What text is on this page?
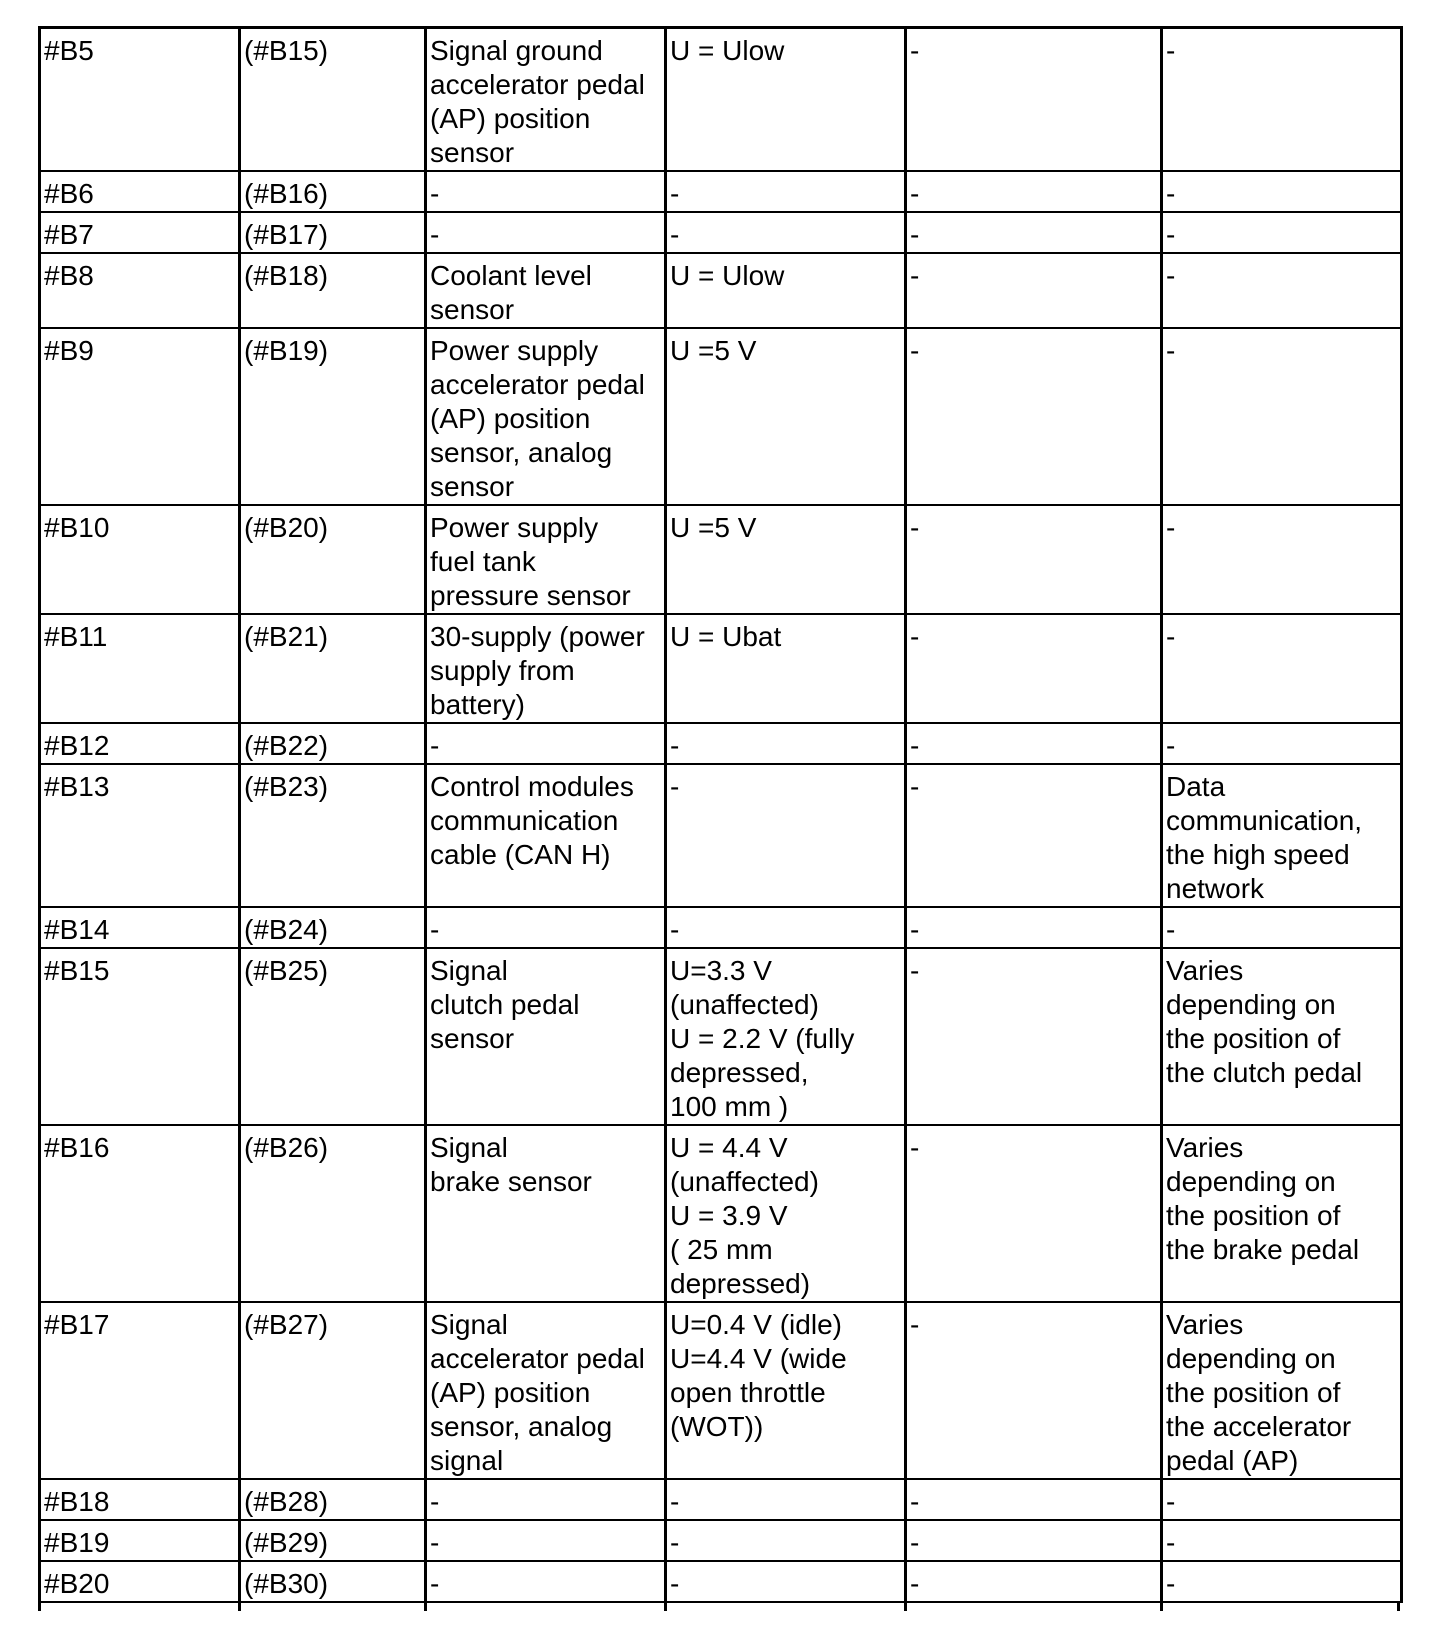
#B5	(#B15)	Signal ground
accelerator pedal
(AP) position
sensor	U = Ulow	-	-
#B6	(#B16)	-	-	-	-
#B7	(#B17)	-	-	-	-
#B8	(#B18)	Coolant level
sensor	U = Ulow	-	-
#B9	(#B19)	Power supply
accelerator pedal
(AP) position
sensor, analog
sensor	U =5 V	-	-
#B10	(#B20)	Power supply
fuel tank
pressure sensor	U =5 V	-	-
#B11	(#B21)	30-supply (power
supply from
battery)	U = Ubat	-	-
#B12	(#B22)	-	-	-	-
#B13	(#B23)	Control modules
communication
cable (CAN H)	-	-	Data
communication,
the high speed
network
#B14	(#B24)	-	-	-	-
#B15	(#B25)	Signal
clutch pedal
sensor	U=3.3 V
(unaffected)
U = 2.2 V (fully
depressed,
100 mm )	-	Varies
depending on
the position of
the clutch pedal
#B16	(#B26)	Signal
brake sensor	U = 4.4 V
(unaffected)
U = 3.9 V
( 25 mm
depressed)	-	Varies
depending on
the position of
the brake pedal
#B17	(#B27)	Signal
accelerator pedal
(AP) position
sensor, analog
signal	U=0.4 V (idle)
U=4.4 V (wide
open throttle
(WOT))	-	Varies
depending on
the position of
the accelerator
pedal (AP)
#B18	(#B28)	-	-	-	-
#B19	(#B29)	-	-	-	-
#B20	(#B30)	-	-	-	-
